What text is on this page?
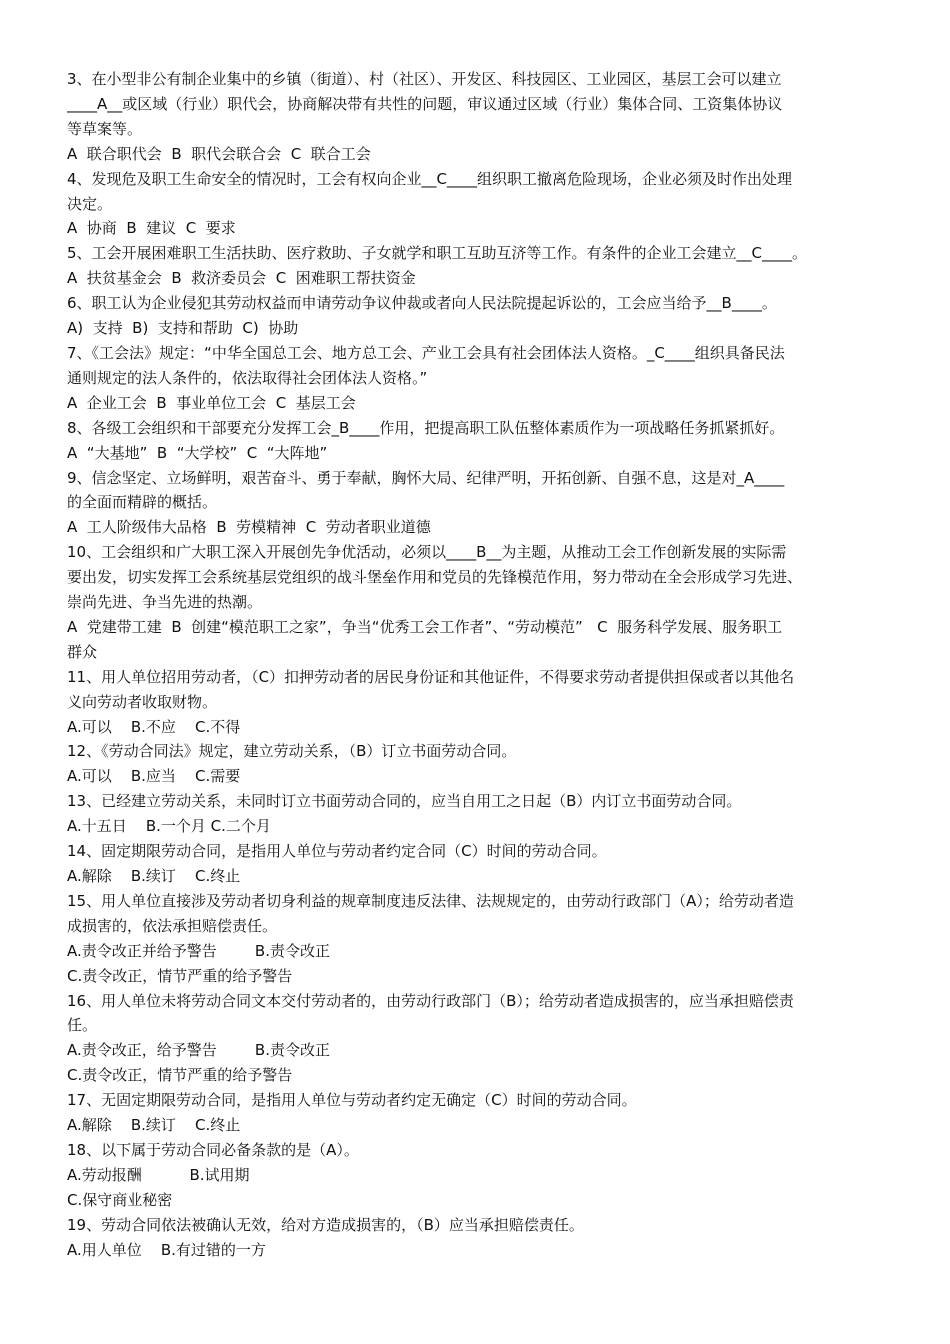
3、在小型非公有制企业集中的乡镇（街道）、村（社区）、开发区、科技园区、工业园区，基层工会可以建立
____A__或区域（行业）职代会，协商解决带有共性的问题，审议通过区域（行业）集体合同、工资集体协议
等草案等。
A  联合职代会  B  职代会联合会  C  联合工会
4、发现危及职工生命安全的情况时，工会有权向企业__C____组织职工撤离危险现场，企业必须及时作出处理
决定。
A  协商  B  建议  C  要求
5、工会开展困难职工生活扶助、医疗救助、子女就学和职工互助互济等工作。有条件的企业工会建立__C____。
A  扶贫基金会  B  救济委员会  C  困难职工帮扶资金
6、职工认为企业侵犯其劳动权益而申请劳动争议仲裁或者向人民法院提起诉讼的，工会应当给予__B____。
A)  支持  B)  支持和帮助  C)  协助
7、《工会法》规定：“中华全国总工会、地方总工会、产业工会具有社会团体法人资格。_C____组织具备民法
通则规定的法人条件的，依法取得社会团体法人资格。”
A  企业工会  B  事业单位工会  C  基层工会
8、各级工会组织和干部要充分发挥工会_B____作用，把提高职工队伍整体素质作为一项战略任务抓紧抓好。
A  “大基地”  B  “大学校”  C  “大阵地”
9、信念坚定、立场鲜明，艰苦奋斗、勇于奉献，胸怀大局、纪律严明，开拓创新、自强不息，这是对_A____
的全面而精辟的概括。
A  工人阶级伟大品格  B  劳模精神  C  劳动者职业道德
10、工会组织和广大职工深入开展创先争优活动，必须以____B__为主题，从推动工会工作创新发展的实际需
要出发，切实发挥工会系统基层党组织的战斗堡垒作用和党员的先锋模范作用，努力带动在全会形成学习先进、
崇尚先进、争当先进的热潮。
A  党建带工建  B  创建“模范职工之家”，争当“优秀工会工作者”、“劳动模范”   C  服务科学发展、服务职工
群众
11、用人单位招用劳动者，（C）扣押劳动者的居民身份证和其他证件，不得要求劳动者提供担保或者以其他名
义向劳动者收取财物。
A.可以    B.不应    C.不得
12、《劳动合同法》规定，建立劳动关系，（B）订立书面劳动合同。
A.可以    B.应当    C.需要
13、已经建立劳动关系，未同时订立书面劳动合同的，应当自用工之日起（B）内订立书面劳动合同。
A.十五日    B.一个月 C.二个月
14、固定期限劳动合同，是指用人单位与劳动者约定合同（C）时间的劳动合同。
A.解除    B.续订    C.终止
15、用人单位直接涉及劳动者切身利益的规章制度违反法律、法规规定的，由劳动行政部门（A）；给劳动者造
成损害的，依法承担赔偿责任。
A.责令改正并给予警告        B.责令改正
C.责令改正，情节严重的给予警告
16、用人单位未将劳动合同文本交付劳动者的，由劳动行政部门（B）；给劳动者造成损害的，应当承担赔偿责
任。
A.责令改正，给予警告        B.责令改正
C.责令改正，情节严重的给予警告
17、无固定期限劳动合同，是指用人单位与劳动者约定无确定（C）时间的劳动合同。
A.解除    B.续订    C.终止
18、以下属于劳动合同必备条款的是（A）。
A.劳动报酬          B.试用期
C.保守商业秘密
19、劳动合同依法被确认无效，给对方造成损害的，（B）应当承担赔偿责任。
A.用人单位    B.有过错的一方
